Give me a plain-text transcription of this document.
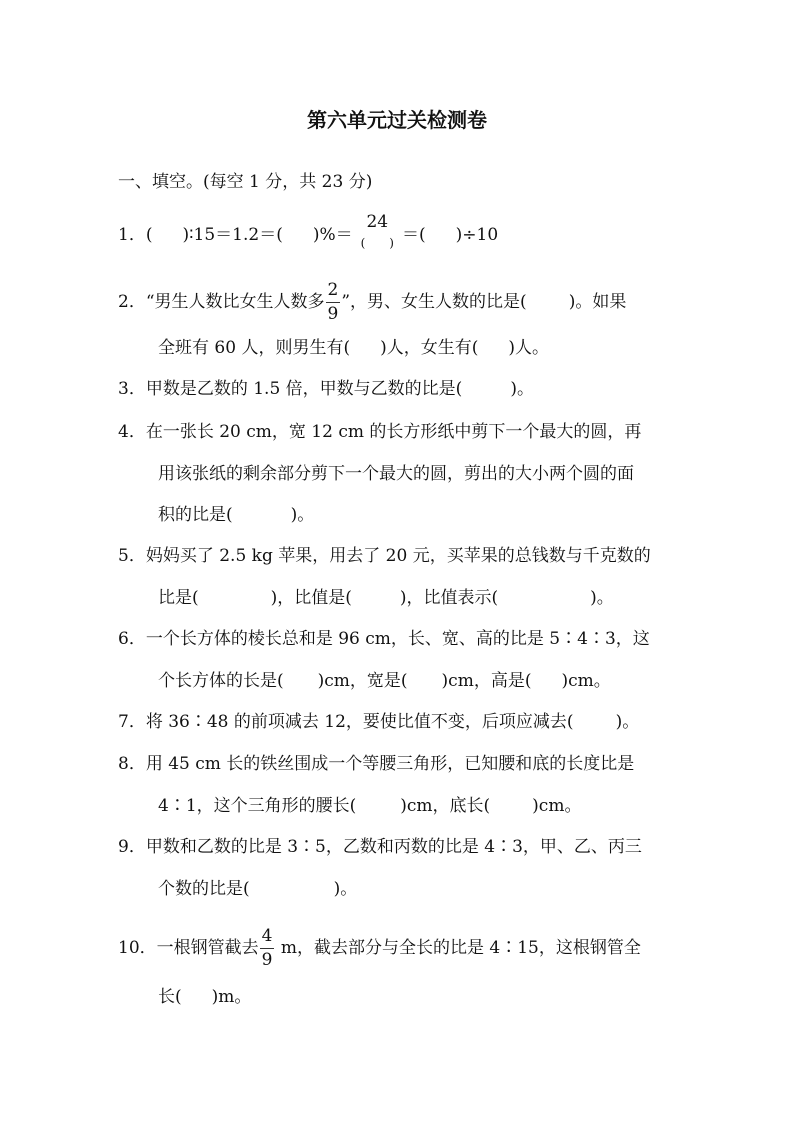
第六单元过关检测卷
一、填空。(每空 1 分，共 23 分)
1．( )∶15＝1.2＝( )%＝
24
(　　) ＝( )÷10
2．“男生人数比女生人数多 $\frac{2}{9}$ ”，男、女生人数的比是( )。如果
全班有 60 人，则男生有( )人，女生有( )人。
3．甲数是乙数的 1.5 倍，甲数与乙数的比是(	)。
4．在一张长 20 cm，宽 12 cm 的长方形纸中剪下一个最大的圆，再
用该张纸的剩余部分剪下一个最大的圆，剪出的大小两个圆的面
积的比是(	)。
5．妈妈买了 2.5 kg 苹果，用去了 20 元，买苹果的总钱数与千克数的
比是(	)，比值是(	)，比值表示(	)。
6．一个长方体的棱长总和是 96 cm，长、宽、高的比是 5∶4∶3，这
个长方体的长是( )cm，宽是( )cm，高是( )cm。
7．将 36∶48 的前项减去 12，要使比值不变，后项应减去( )。
8．用 45 cm 长的铁丝围成一个等腰三角形，已知腰和底的长度比是
4∶1，这个三角形的腰长(	)cm，底长( )cm。
9．甲数和乙数的比是 3∶5，乙数和丙数的比是 4∶3，甲、乙、丙三
个数的比是(	)。
10．一根钢管截去 $\frac{4}{9}$ m，截去部分与全长的比是 4∶15，这根钢管全
长( )m。
